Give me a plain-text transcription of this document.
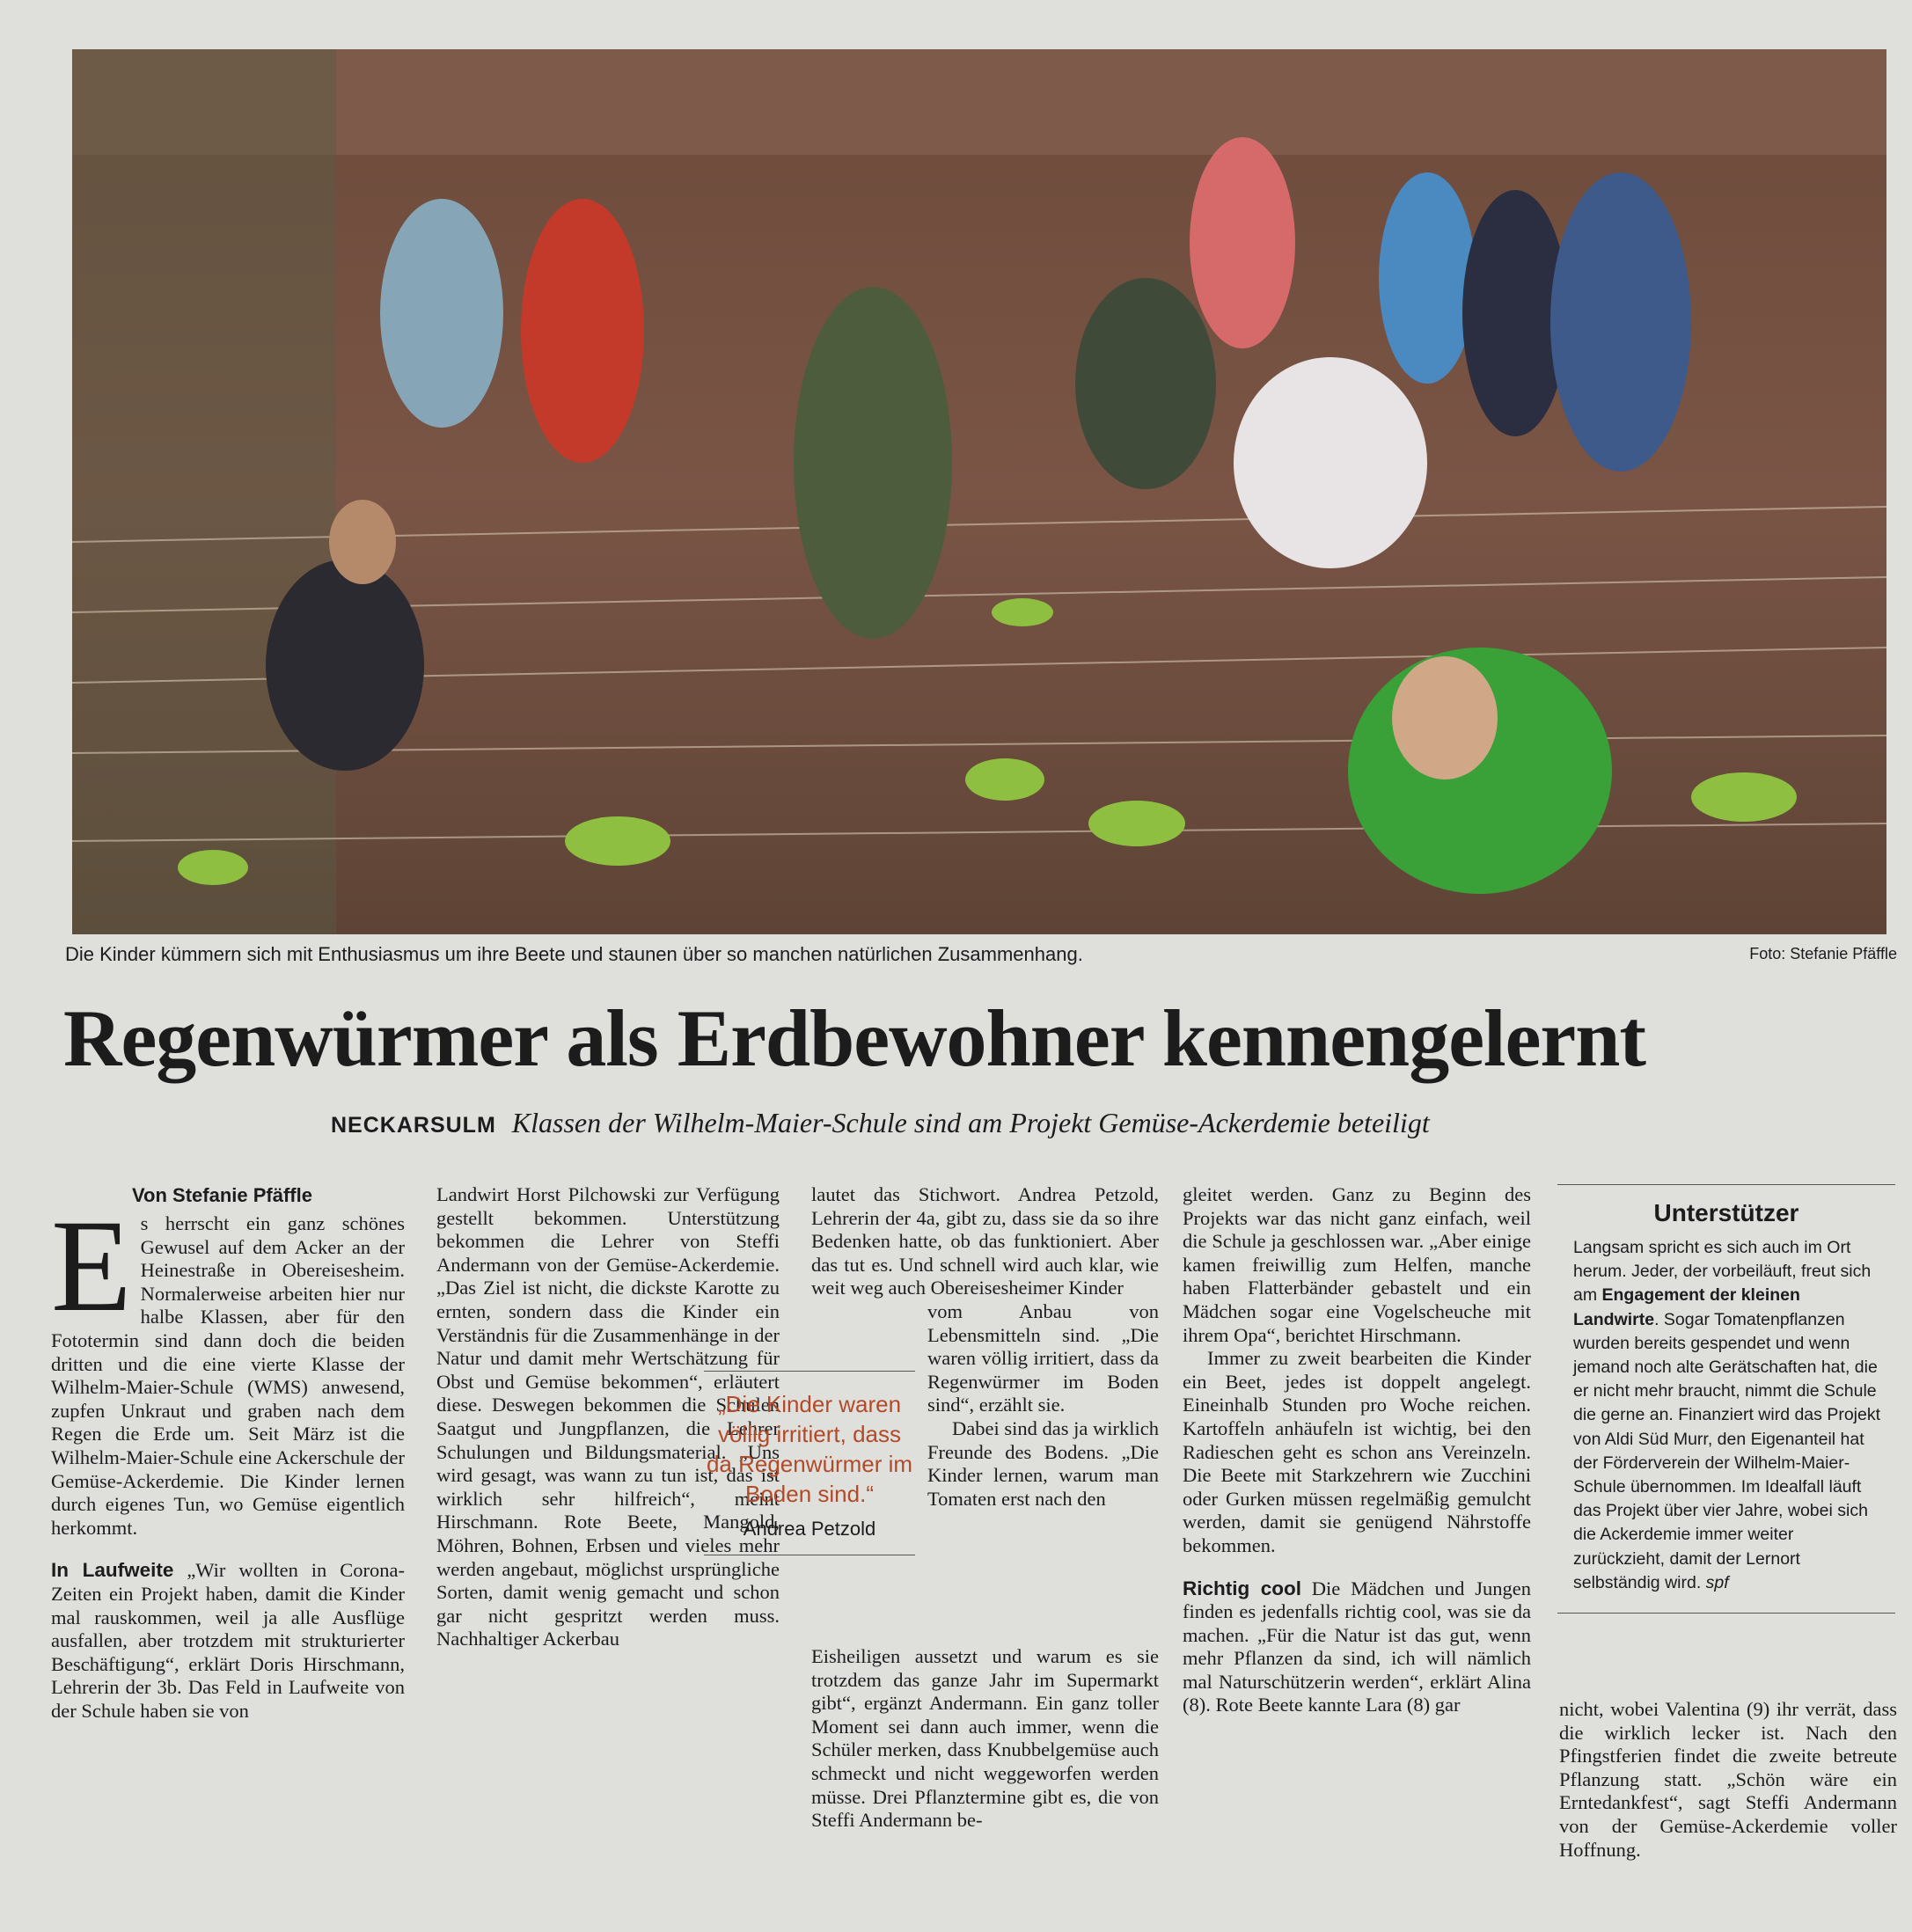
Die Kinder kümmern sich mit Enthusiasmus um ihre Beete und staunen über so manchen natürlichen Zusammenhang.	Foto: Stefanie Pfäffle
Regenwürmer als Erdbewohner kennengelernt
NECKARSULM Klassen der Wilhelm-Maier-Schule sind am Projekt Gemüse-Ackerdemie beteiligt
Von Stefanie Pfäffle

Es herrscht ein ganz schönes Gewusel auf dem Acker an der Heinestraße in Obereisesheim. Normalerweise arbeiten hier nur halbe Klassen, aber für den Fototermin sind dann doch die beiden dritten und die eine vierte Klasse der Wilhelm-Maier-Schule (WMS) anwesend, zupfen Unkraut und graben nach dem Regen die Erde um. Seit März ist die Wilhelm-Maier-Schule eine Ackerschule der Gemüse-Ackerdemie. Die Kinder lernen durch eigenes Tun, wo Gemüse eigentlich herkommt.

In Laufweite „Wir wollten in Corona-Zeiten ein Projekt haben, damit die Kinder mal rauskommen, weil ja alle Ausflüge ausfallen, aber trotzdem mit strukturierter Beschäftigung“, erklärt Doris Hirschmann, Lehrerin der 3b. Das Feld in Laufweite von der Schule haben sie von

Landwirt Horst Pilchowski zur Verfügung gestellt bekommen. Unterstützung bekommen die Lehrer von Steffi Andermann von der Gemüse-Ackerdemie. „Das Ziel ist nicht, die dickste Karotte zu ernten, sondern dass die Kinder ein Verständnis für die Zusammenhänge in der Natur und damit mehr Wertschätzung für Obst und Gemüse bekommen“, erläutert diese. Deswegen bekommen die Schulen Saatgut und Jungpflanzen, die Lehrer Schulungen und Bildungsmaterial. „Uns wird gesagt, was wann zu tun ist, das ist wirklich sehr hilfreich“, meint Hirschmann. Rote Beete, Mangold, Möhren, Bohnen, Erbsen und vieles mehr werden angebaut, möglichst ursprüngliche Sorten, damit wenig gemacht und schon gar nicht gespritzt werden muss. Nachhaltiger Ackerbau

lautet das Stichwort. Andrea Petzold, Lehrerin der 4a, gibt zu, dass sie da so ihre Bedenken hatte, ob das funktioniert. Aber das tut es. Und schnell wird auch klar, wie weit weg auch Obereisesheimer Kinder

vom Anbau von Lebensmitteln sind. „Die waren völlig irritiert, dass da Regenwürmer im Boden sind“, erzählt sie.

Dabei sind das ja wirklich Freunde des Bodens. „Die Kinder lernen, warum man Tomaten erst nach den

Eisheiligen aussetzt und warum es sie trotzdem das ganze Jahr im Supermarkt gibt“, ergänzt Andermann. Ein ganz toller Moment sei dann auch immer, wenn die Schüler merken, dass Knubbelgemüse auch schmeckt und nicht weggeworfen werden müsse. Drei Pflanztermine gibt es, die von Steffi Andermann be-

„Die Kinder waren völlig irritiert, dass da Regenwürmer im Boden sind.“
Andrea Petzold

gleitet werden. Ganz zu Beginn des Projekts war das nicht ganz einfach, weil die Schule ja geschlossen war. „Aber einige kamen freiwillig zum Helfen, manche haben Flatterbänder gebastelt und ein Mädchen sogar eine Vogelscheuche mit ihrem Opa“, berichtet Hirschmann.

Immer zu zweit bearbeiten die Kinder ein Beet, jedes ist doppelt angelegt. Eineinhalb Stunden pro Woche reichen. Kartoffeln anhäufeln ist wichtig, bei den Radieschen geht es schon ans Vereinzeln. Die Beete mit Starkzehrern wie Zucchini oder Gurken müssen regelmäßig gemulcht werden, damit sie genügend Nährstoffe bekommen.

Richtig cool Die Mädchen und Jungen finden es jedenfalls richtig cool, was sie da machen. „Für die Natur ist das gut, wenn mehr Pflanzen da sind, ich will nämlich mal Naturschützerin werden“, erklärt Alina (8). Rote Beete kannte Lara (8) gar

Unterstützer
Langsam spricht es sich auch im Ort herum. Jeder, der vorbeiläuft, freut sich am Engagement der kleinen Landwirte. Sogar Tomatenpflanzen wurden bereits gespendet und wenn jemand noch alte Gerätschaften hat, die er nicht mehr braucht, nimmt die Schule die gerne an. Finanziert wird das Projekt von Aldi Süd Murr, den Eigenanteil hat der Förderverein der Wilhelm-Maier-Schule übernommen. Im Idealfall läuft das Projekt über vier Jahre, wobei sich die Ackerdemie immer weiter zurückzieht, damit der Lernort selbständig wird. spf

nicht, wobei Valentina (9) ihr verrät, dass die wirklich lecker ist. Nach den Pfingstferien findet die zweite betreute Pflanzung statt. „Schön wäre ein Erntedankfest“, sagt Steffi Andermann von der Gemüse-Ackerdemie voller Hoffnung.
